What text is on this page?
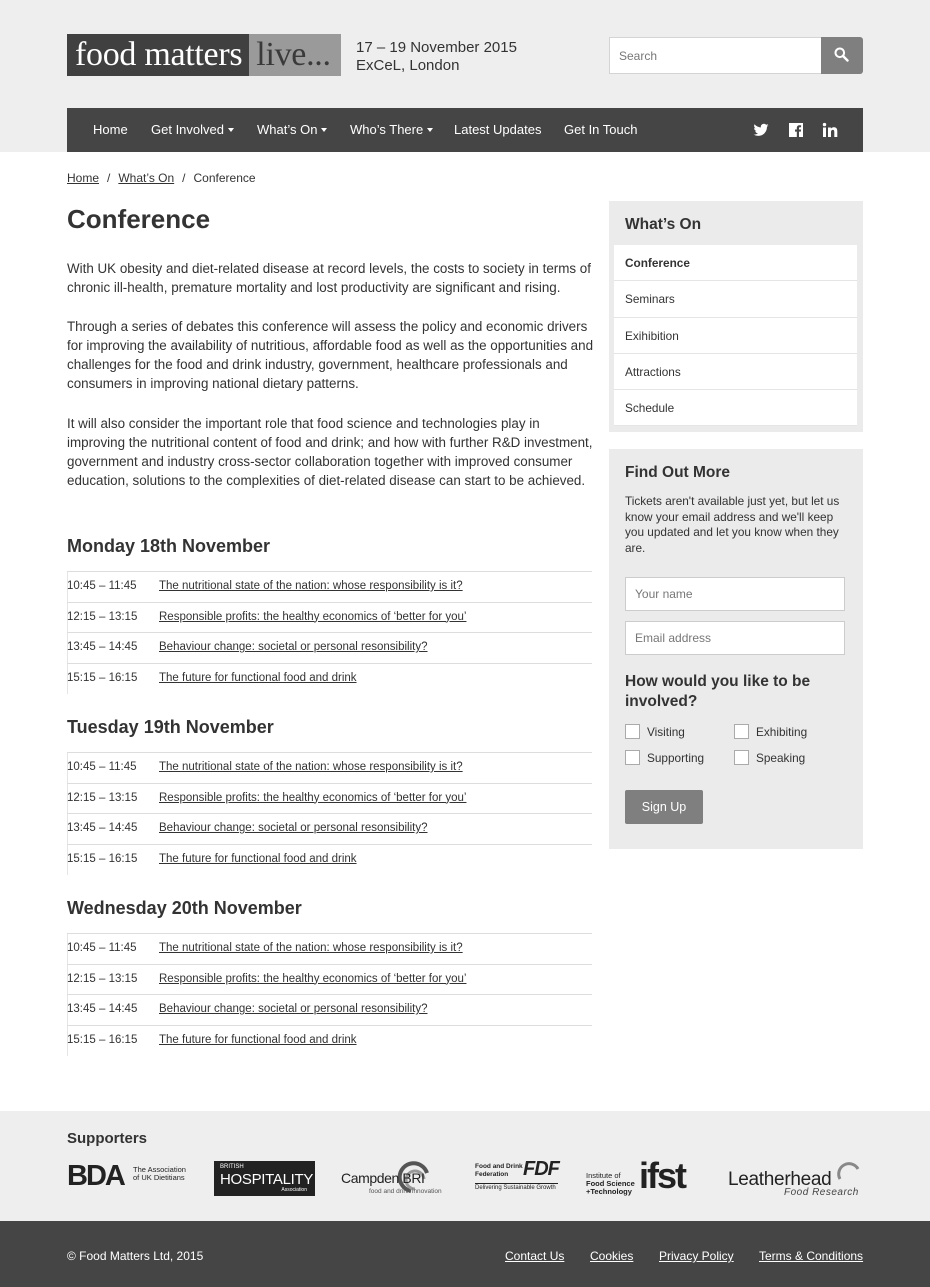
food matters live...	17 – 19 November 2015
ExCeL, London
Search
Home Get Involved	What’s On	Who’s There	Latest Updates Get In Touch
Home / What’s On / Conference
Conference

With UK obesity and diet-related disease at record levels, the costs to society in terms of chronic ill-health, premature mortality and lost productivity are significant and rising.

Through a series of debates this conference will assess the policy and economic drivers for improving the availability of nutritious, affordable food as well as the opportunities and challenges for the food and drink industry, government, healthcare professionals and consumers in improving national dietary patterns.

It will also consider the important role that food science and technologies play in improving the nutritional content of food and drink; and how with further R&D investment, government and industry cross-sector collaboration together with improved consumer education, solutions to the complexities of diet-related disease can start to be achieved.

Monday 18th November
10:45 – 11:45 The nutritional state of the nation: whose responsibility is it?
12:15 – 13:15 Responsible profits: the healthy economics of ‘better for you’
13:45 – 14:45 Behaviour change: societal or personal resonsibility?
15:15 – 16:15 The future for functional food and drink
Tuesday 19th November
10:45 – 11:45 The nutritional state of the nation: whose responsibility is it?
12:15 – 13:15 Responsible profits: the healthy economics of ‘better for you’
13:45 – 14:45 Behaviour change: societal or personal resonsibility?
15:15 – 16:15 The future for functional food and drink
Wednesday 20th November
10:45 – 11:45 The nutritional state of the nation: whose responsibility is it?
12:15 – 13:15 Responsible profits: the healthy economics of ‘better for you’
13:45 – 14:45 Behaviour change: societal or personal resonsibility?
15:15 – 16:15 The future for functional food and drink
What’s On
Conference
Seminars
Exihibition
Attractions
Schedule
Find Out More

Tickets aren't available just yet, but let us know your email address and we'll keep you updated and let you know when they are.

Your name
Email address
How would you like to be involved?
Visiting	Exhibiting
Supporting	Speaking
Sign Up
Supporters
BDA The Association
of UK Dietitians
BRITISH
HOSPITALITY
Association
Campden BRI
food and drink innovation
Food and Drink
Federation FDF
Delivering Sustainable Growth
Institute of
Food Science
+Technology ifst Leatherhead
Food Research
© Food Matters Ltd, 2015	Contact Us Cookies Privacy Policy Terms & Conditions
